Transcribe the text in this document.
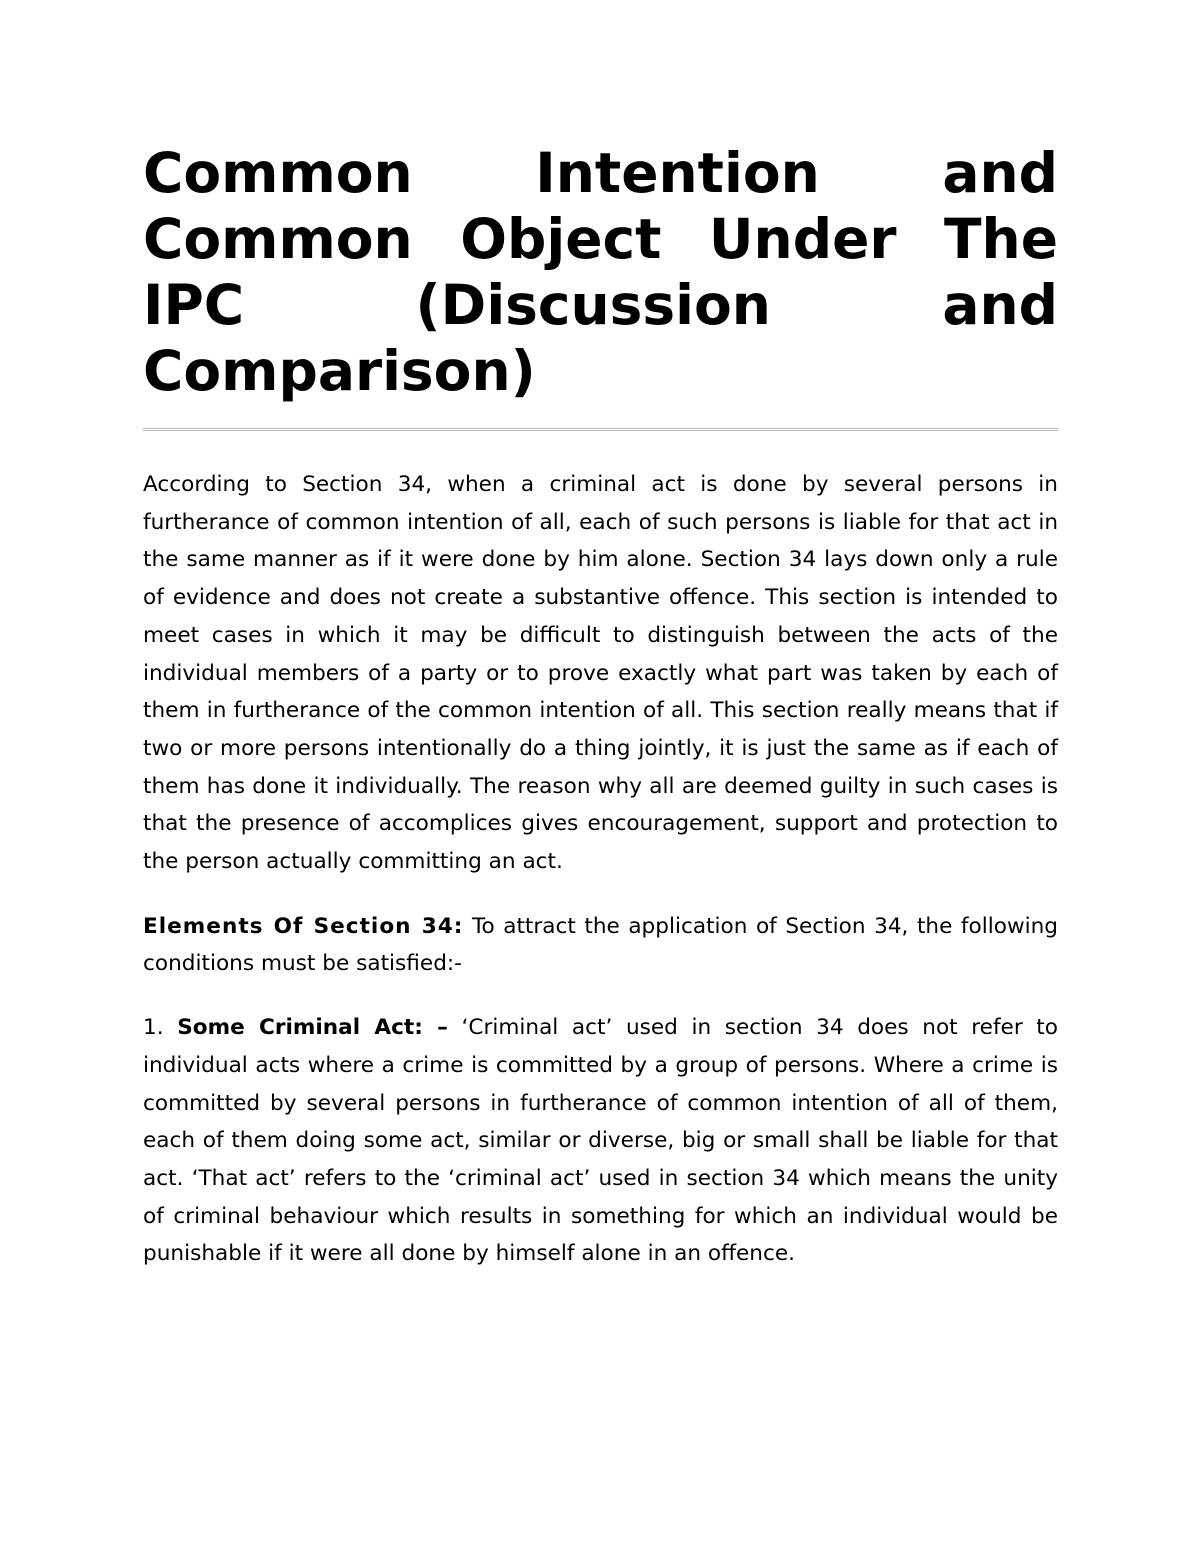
Common Intention and Common Object Under The IPC (Discussion and Comparison)

According to Section 34, when a criminal act is done by several persons in furtherance of common intention of all, each of such persons is liable for that act in the same manner as if it were done by him alone. Section 34 lays down only a rule of evidence and does not create a substantive offence. This section is intended to meet cases in which it may be difficult to distinguish between the acts of the individual members of a party or to prove exactly what part was taken by each of them in furtherance of the common intention of all. This section really means that if two or more persons intentionally do a thing jointly, it is just the same as if each of them has done it individually. The reason why all are deemed guilty in such cases is that the presence of accomplices gives encouragement, support and protection to the person actually committing an act.

Elements Of Section 34: To attract the application of Section 34, the following conditions must be satisfied:-

1. Some Criminal Act: – ‘Criminal act’ used in section 34 does not refer to individual acts where a crime is committed by a group of persons. Where a crime is committed by several persons in furtherance of common intention of all of them, each of them doing some act, similar or diverse, big or small shall be liable for that act. ‘That act’ refers to the ‘criminal act’ used in section 34 which means the unity of criminal behaviour which results in something for which an individual would be punishable if it were all done by himself alone in an offence.
